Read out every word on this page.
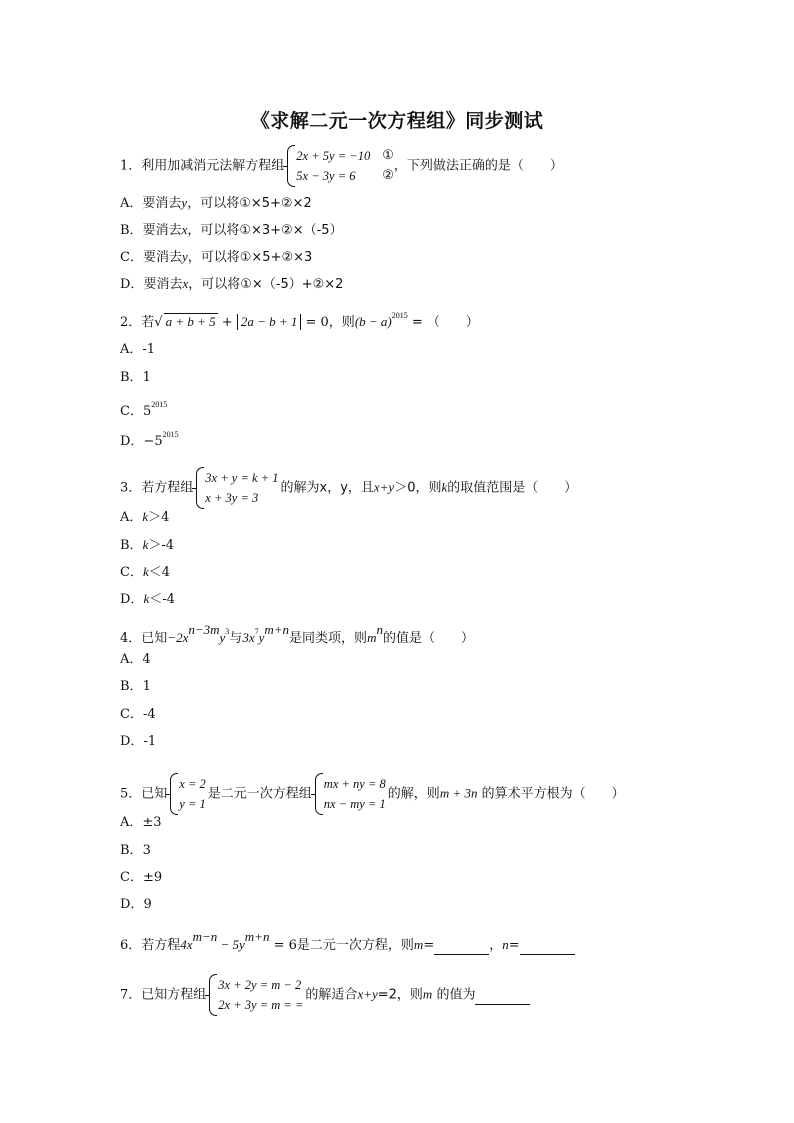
《求解二元一次方程组》同步测试
1．利用加减消元法解方程组
2x + 5y = −10
5x − 3y = 6
①
②
，下列做法正确的是（　　）
A．要消去y，可以将①×5+②×2
B．要消去x，可以将①×3+②×（-5）
C．要消去y，可以将①×5+②×3
D．要消去x，可以将①×（-5）+②×2
2．若√ a + b + 5 + 2a − b + 1 = 0，则$(b - a)^{2015}$ = （　　）
A．-1
B．1
C．$5^{2015}$
D．$-5^{2015}$
3．若方程组
3x + y = k + 1
x + 3y = 3
的解为x，y，且x+y＞0，则k的取值范围是（　　）
A．k＞4
B．k＞-4
C．k＜4
D．k＜-4
4．已知$-2x^{n-3m}y^3$与$3x^7y^{m+n}$是同类项，则$m^n$的值是（　　）
A．4
B．1
C．-4
D．-1
5．已知
x = 2
y = 1
是二元一次方程组
mx + ny = 8
nx − my = 1
的解，则m + 3n 的算术平方根为（　　）
A．±3
B．3
C．±9
D．9
6．若方程$4x^{m-n} - 5y^{m+n} = 6$是二元一次方程，则m=	，n=
7．已知方程组
3x + 2y = m − 2
2x + 3y = m = =
的解适合x+y=2，则m 的值为
